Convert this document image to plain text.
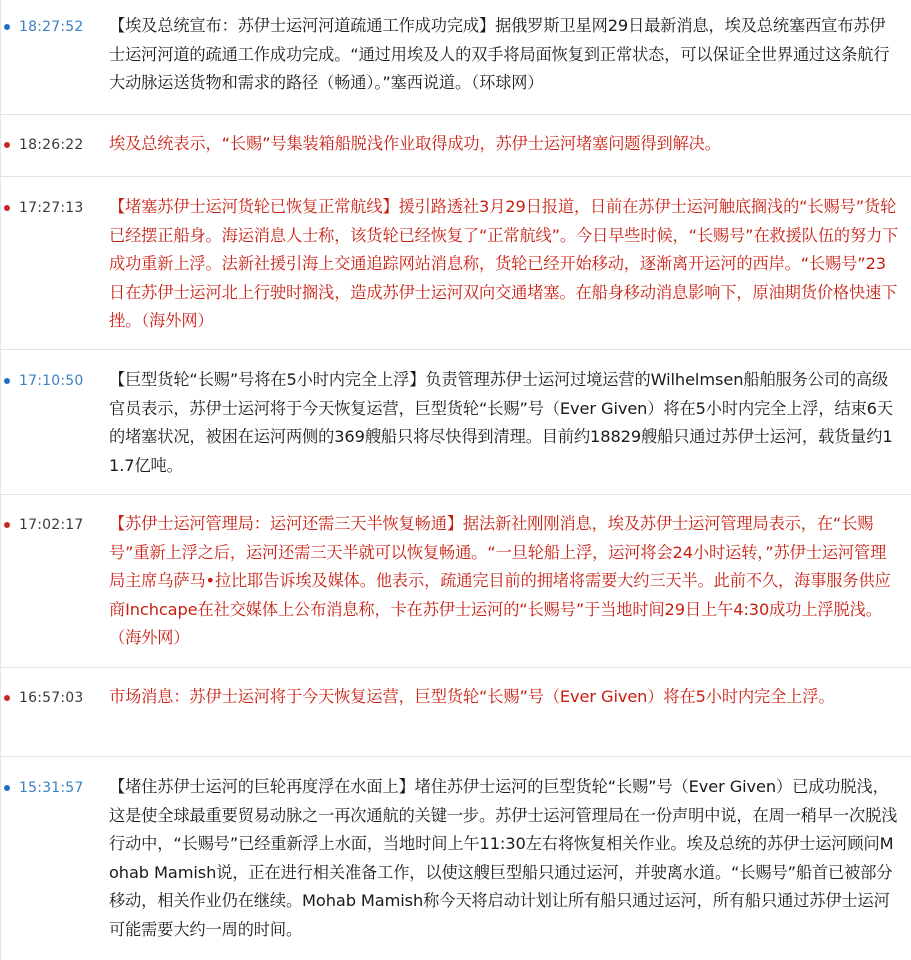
18:27:52 【埃及总统宣布：苏伊士运河河道疏通工作成功完成】据俄罗斯卫星网29日最新消息，埃及总统塞西宣布苏伊士运河河道的疏通工作成功完成。“通过用埃及人的双手将局面恢复到正常状态，可以保证全世界通过这条航行大动脉运送货物和需求的路径（畅通）。”塞西说道。（环球网）

18:26:22 埃及总统表示，“长赐”号集装箱船脱浅作业取得成功，苏伊士运河堵塞问题得到解决。

17:27:13 【堵塞苏伊士运河货轮已恢复正常航线】援引路透社3月29日报道，日前在苏伊士运河触底搁浅的“长赐号”货轮已经摆正船身。海运消息人士称，该货轮已经恢复了“正常航线”。今日早些时候，“长赐号”在救援队伍的努力下成功重新上浮。法新社援引海上交通追踪网站消息称，货轮已经开始移动，逐渐离开运河的西岸。“长赐号”23日在苏伊士运河北上行驶时搁浅，造成苏伊士运河双向交通堵塞。在船身移动消息影响下，原油期货价格快速下挫。（海外网）

17:10:50 【巨型货轮“长赐”号将在5小时内完全上浮】负责管理苏伊士运河过境运营的Wilhelmsen船舶服务公司的高级官员表示，苏伊士运河将于今天恢复运营，巨型货轮“长赐”号（Ever Given）将在5小时内完全上浮，结束6天的堵塞状况，被困在运河两侧的369艘船只将尽快得到清理。目前约18829艘船只通过苏伊士运河，载货量约11.7亿吨。

17:02:17 【苏伊士运河管理局：运河还需三天半恢复畅通】据法新社刚刚消息，埃及苏伊士运河管理局表示，在“长赐号”重新上浮之后，运河还需三天半就可以恢复畅通。“一旦轮船上浮，运河将会24小时运转，”苏伊士运河管理局主席乌萨马•拉比耶告诉埃及媒体。他表示，疏通完目前的拥堵将需要大约三天半。此前不久，海事服务供应商Inchcape在社交媒体上公布消息称，卡在苏伊士运河的“长赐号”于当地时间29日上午4:30成功上浮脱浅。（海外网）

16:57:03 市场消息：苏伊士运河将于今天恢复运营，巨型货轮“长赐”号（Ever Given）将在5小时内完全上浮。

15:31:57 【堵住苏伊士运河的巨轮再度浮在水面上】堵住苏伊士运河的巨型货轮“长赐”号（Ever Given）已成功脱浅，这是使全球最重要贸易动脉之一再次通航的关键一步。苏伊士运河管理局在一份声明中说，在周一稍早一次脱浅行动中，“长赐号”已经重新浮上水面，当地时间上午11:30左右将恢复相关作业。埃及总统的苏伊士运河顾问Mohab Mamish说，正在进行相关准备工作，以使这艘巨型船只通过运河，并驶离水道。“长赐号”船首已被部分移动，相关作业仍在继续。Mohab Mamish称今天将启动计划让所有船只通过运河，所有船只通过苏伊士运河可能需要大约一周的时间。
